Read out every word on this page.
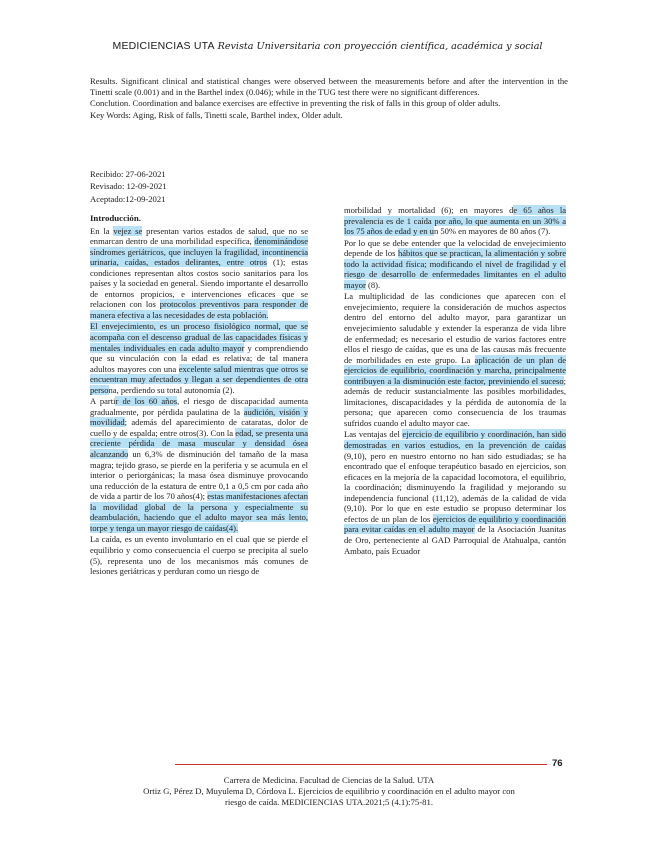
MEDICIENCIAS UTA Revista Universitaria con proyección científica, académica y social

Results. Significant clinical and statistical changes were observed between the measurements before and after the intervention in the Tinetti scale (0.001) and in the Barthel index (0.046); while in the TUG test there were no significant differences.

Conclution. Coordination and balance exercises are effective in preventing the risk of falls in this group of older adults.

Key Words: Aging, Risk of falls, Tinetti scale, Barthel index, Older adult.

Recibido: 27-06-2021
Revisado: 12-09-2021
Aceptado:12-09-2021
Introducción.

En la vejez se presentan varios estados de salud, que no se enmarcan dentro de una morbilidad específica, denominándose síndromes geriátricos, que incluyen la fragilidad, incontinencia urinaria, caídas, estados delirantes, entre otros (1); estas condiciones representan altos costos socio sanitarios para los países y la sociedad en general. Siendo importante el desarrollo de entornos propicios, e intervenciones eficaces que se relacionen con los protocolos preventivos para responder de manera efectiva a las necesidades de esta población.

El envejecimiento, es un proceso fisiológico normal, que se acompaña con el descenso gradual de las capacidades físicas y mentales individuales en cada adulto mayor y comprendiendo que su vinculación con la edad es relativa; de tal manera adultos mayores con una excelente salud mientras que otros se encuentran muy afectados y llegan a ser dependientes de otra persona, perdiendo su total autonomía (2).

A partir de los 60 años, el riesgo de discapacidad aumenta gradualmente, por pérdida paulatina de la audición, visión y movilidad; además del aparecimiento de cataratas, dolor de cuello y de espalda; entre otros(3). Con la edad, se presenta una creciente pérdida de masa muscular y densidad ósea alcanzando un 6,3% de disminución del tamaño de la masa magra; tejido graso, se pierde en la periferia y se acumula en el interior o periorgánicas; la masa ósea disminuye provocando una reducción de la estatura de entre 0,1 a 0,5 cm por cada año de vida a partir de los 70 años(4); estas manifestaciones afectan la movilidad global de la persona y especialmente su deambulación, haciendo que el adulto mayor sea más lento, torpe y tenga un mayor riesgo de caídas(4).

La caída, es un evento involuntario en el cual que se pierde el equilibrio y como consecuencia el cuerpo se precipita al suelo (5), representa uno de los mecanismos más comunes de lesiones geriátricas y perduran como un riesgo de

morbilidad y mortalidad (6); en mayores de 65 años la prevalencia es de 1 caída por año, lo que aumenta en un 30% a los 75 años de edad y en un 50% en mayores de 80 años (7).

Por lo que se debe entender que la velocidad de envejecimiento depende de los hábitos que se practican, la alimentación y sobre todo la actividad física; modificando el nivel de fragilidad y el riesgo de desarrollo de enfermedades limitantes en el adulto mayor (8).

La multiplicidad de las condiciones que aparecen con el envejecimiento, requiere la consideración de muchos aspectos dentro del entorno del adulto mayor, para garantizar un envejecimiento saludable y extender la esperanza de vida libre de enfermedad; es necesario el estudio de varios factores entre ellos el riesgo de caídas, que es una de las causas más frecuente de morbilidades en este grupo. La aplicación de un plan de ejercicios de equilibrio, coordinación y marcha, principalmente contribuyen a la disminución este factor, previniendo el suceso; además de reducir sustancialmente las posibles morbilidades, limitaciones, discapacidades y la pérdida de autonomía de la persona; que aparecen como consecuencia de los traumas sufridos cuando el adulto mayor cae.

Las ventajas del ejercicio de equilibrio y coordinación, han sido demostradas en varios estudios, en la prevención de caídas (9,10), pero en nuestro entorno no han sido estudiadas; se ha encontrado que el enfoque terapéutico basado en ejercicios, son eficaces en la mejoría de la capacidad locomotora, el equilibrio, la coordinación; disminuyendo la fragilidad y mejorando su independencia funcional (11,12), además de la calidad de vida (9,10). Por lo que en este estudio se propuso determinar los efectos de un plan de los ejercicios de equilibrio y coordinación para evitar caídas en el adulto mayor de la Asociación Juanitas de Oro, perteneciente al GAD Parroquial de Atahualpa, cantón Ambato, país Ecuador

76
Carrera de Medicina. Facultad de Ciencias de la Salud. UTA
Ortiz G, Pérez D, Muyulema D, Córdova L. Ejercicios de equilibrio y coordinación en el adulto mayor con
riesgo de caída. MEDICIENCIAS UTA.2021;5 (4.1):75-81.
